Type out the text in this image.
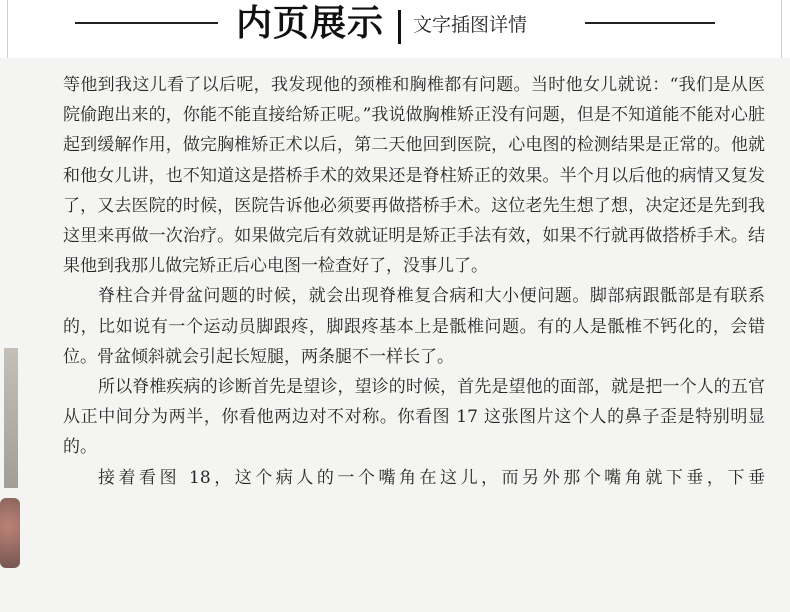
内页展示 文字插图详情

等他到我这儿看了以后呢，我发现他的颈椎和胸椎都有问题。当时他女儿就说：“我们是从医院偷跑出来的，你能不能直接给矫正呢。”我说做胸椎矫正没有问题，但是不知道能不能对心脏起到缓解作用，做完胸椎矫正术以后，第二天他回到医院，心电图的检测结果是正常的。他就和他女儿讲，也不知道这是搭桥手术的效果还是脊柱矫正的效果。半个月以后他的病情又复发了，又去医院的时候，医院告诉他必须要再做搭桥手术。这位老先生想了想，决定还是先到我这里来再做一次治疗。如果做完后有效就证明是矫正手法有效，如果不行就再做搭桥手术。结果他到我那儿做完矫正后心电图一检查好了，没事儿了。

脊柱合并骨盆问题的时候，就会出现脊椎复合病和大小便问题。脚部病跟骶部是有联系的，比如说有一个运动员脚跟疼，脚跟疼基本上是骶椎问题。有的人是骶椎不钙化的，会错位。骨盆倾斜就会引起长短腿，两条腿不一样长了。

所以脊椎疾病的诊断首先是望诊，望诊的时候，首先是望他的面部，就是把一个人的五官从正中间分为两半，你看他两边对不对称。你看图 17 这张图片这个人的鼻子歪是特别明显的。

接着看图 18，这个病人的一个嘴角在这儿，而另外那个嘴角就下垂，下垂
